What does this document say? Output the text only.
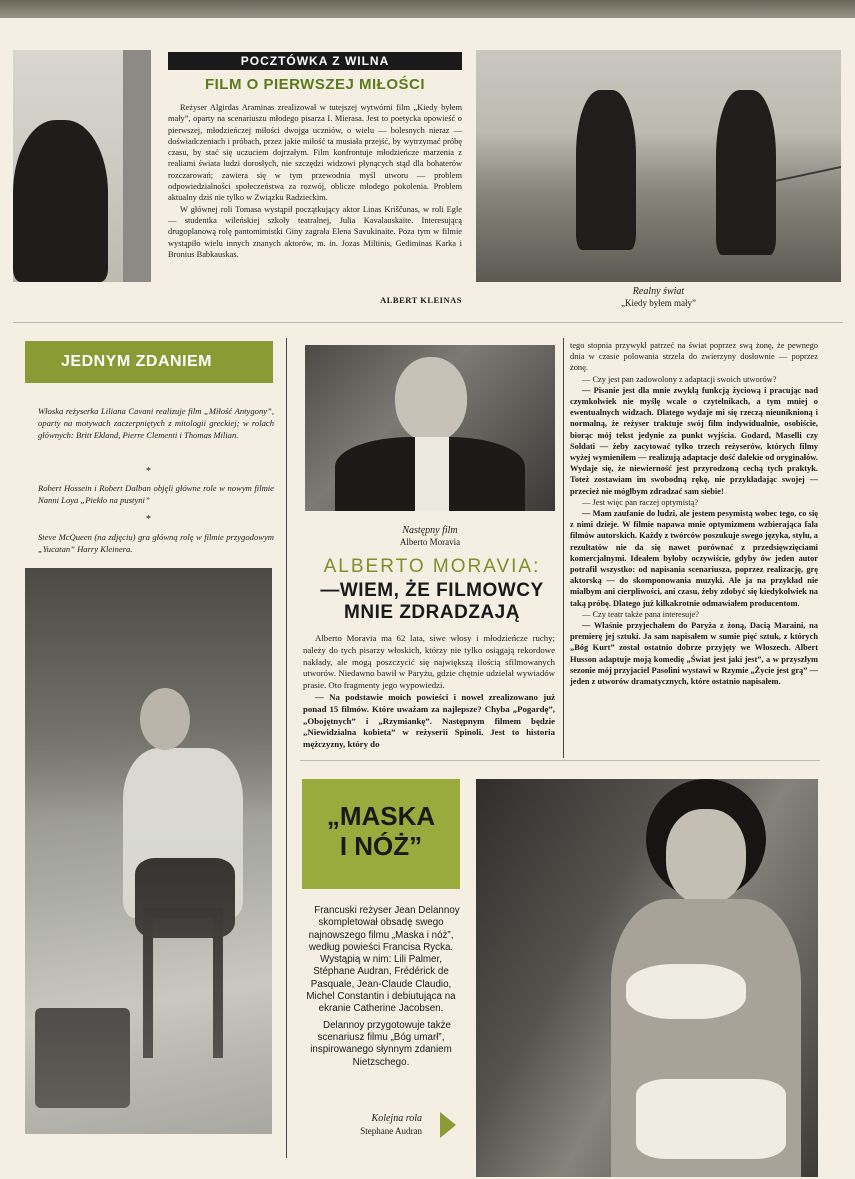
POCZTÓWKA Z WILNA
FILM O PIERWSZEJ MIŁOŚCI

Reżyser Algirdas Araminas zrealizował w tutejszej wytwórni film „Kiedy byłem mały”, oparty na scenariuszu młodego pisarza I. Mierasa. Jest to poetycka opowieść o pierwszej, młodzieńczej miłości dwojga uczniów, o wielu — bolesnych nieraz — doświadczeniach i próbach, przez jakie miłość ta musiała przejść, by wytrzymać próbę czasu, by stać się uczuciem dojrzałym. Film konfrontuje młodzieńcze marzenia z realiami świata ludzi dorosłych, nie szczędzi widzowi płynących stąd dla bohaterów rozczarowań; zawiera się w tym przewodnia myśl utworu — problem odpowiedzialności społeczeństwa za rozwój, oblicze młodego pokolenia. Problem aktualny dziś nie tylko w Związku Radzieckim.

W głównej roli Tomasa wystąpił początkujący aktor Linas Kriščunas, w roli Egle — studentka wileńskiej szkoły teatralnej, Julia Kavalauskaite. Interesującą drugoplanową rolę pantomimistki Giny zagrała Elena Savukinaite. Poza tym w filmie wystąpiło wielu innych znanych aktorów, m. in. Jozas Miltinis, Gediminas Karka i Bronius Babkauskas.

ALBERT KLEINAS
Realny świat
„Kiedy byłem mały”
JEDNYM ZDANIEM
Włoska reżyserka Liliana Cavani realizuje film „Miłość Antygony”, oparty na motywach zaczerpniętych z mitologii greckiej; w rolach głównych: Britt Ekland, Pierre Clementi i Thomas Milian.
*
Robert Hossein i Robert Dalban objęli główne role w nowym filmie Nanni Loya „Piekło na pustyni”
*
Steve McQueen (na zdjęciu) gra główną rolę w filmie przygodowym „Yucatan” Harry Kleinera.
Następny film
Alberto Moravia
ALBERTO MORAVIA:
—WIEM, ŻE FILMOWCY MNIE ZDRADZAJĄ
Alberto Moravia ma 62 lata, siwe włosy i młodzieńcze ruchy; należy do tych pisarzy włoskich, którzy nie tylko osiągają rekordowe nakłady, ale mogą poszczycić się największą ilością sfilmowanych utworów. Niedawno bawił w Paryżu, gdzie chętnie udzielał wywiadów prasie. Oto fragmenty jego wypowiedzi.
— Na podstawie moich powieści i nowel zrealizowano już ponad 15 filmów. Które uważam za najlepsze? Chyba „Pogardę”, „Obojętnych” i „Rzymiankę”. Następnym filmem będzie „Niewidzialna kobieta” w reżyserii Spinoli. Jest to historia mężczyzny, który do

tego stopnia przywykł patrzeć na świat poprzez swą żonę, że pewnego dnia w czasie polowania strzela do zwierzyny dosłownie — poprzez żonę.

— Czy jest pan zadowolony z adaptacji swoich utworów?

— Pisanie jest dla mnie zwykłą funkcją życiową i pracując nad czymkolwiek nie myślę wcale o czytelnikach, a tym mniej o ewentualnych widzach. Dlatego wydaje mi się rzeczą nieuniknioną i normalną, że reżyser traktuje swój film indywidualnie, osobiście, biorąc mój tekst jedynie za punkt wyjścia. Godard, Maselli czy Soldati — żeby zacytować tylko trzech reżyserów, których filmy wyżej wymieniłem — realizują adaptacje dość dalekie od oryginałów. Wydaje się, że niewierność jest przyrodzoną cechą tych praktyk. Toteż zostawiam im swobodną rękę, nie przykładając swojej — przecież nie mógłbym zdradzać sam siebie!

— Jest więc pan raczej optymistą?

— Mam zaufanie do ludzi, ale jestem pesymistą wobec tego, co się z nimi dzieje. W filmie napawa mnie optymizmem wzbierająca fala filmów autorskich. Każdy z twórców poszukuje swego języka, stylu, a rezultatów nie da się nawet porównać z przedsięwzięciami komercjalnymi. Ideałem byłoby oczywiście, gdyby ów jeden autor potrafił wszystko: od napisania scenariusza, poprzez realizację, grę aktorską — do skomponowania muzyki. Ale ja na przykład nie miałbym ani cierpliwości, ani czasu, żeby zdobyć się kiedykolwiek na taką próbę. Dlatego już kilkakrotnie odmawiałem producentom.

— Czy teatr także pana interesuje?

— Właśnie przyjechałem do Paryża z żoną, Dacią Maraini, na premierę jej sztuki. Ja sam napisałem w sumie pięć sztuk, z których „Bóg Kurt” został ostatnio dobrze przyjęty we Włoszech. Albert Husson adaptuje moją komedię „Świat jest jaki jest”, a w przyszłym sezonie mój przyjaciel Pasolini wystawi w Rzymie „Życie jest grą” — jeden z utworów dramatycznych, które ostatnio napisałem.

„MASKA
I NÓŻ”

Francuski reżyser Jean Delannoy skompletował obsadę swego najnowszego filmu „Maska i nóż”, według powieści Francisa Rycka. Wystąpią w nim: Lili Palmer, Stéphane Audran, Frédérick de Pasquale, Jean-Claude Claudio, Michel Constantin i debiutująca na ekranie Catherine Jacobsen.

Delannoy przygotowuje także scenariusz filmu „Bóg umarł”, inspirowanego słynnym zdaniem Nietzschego.

Kolejna rola
Stephane Audran
